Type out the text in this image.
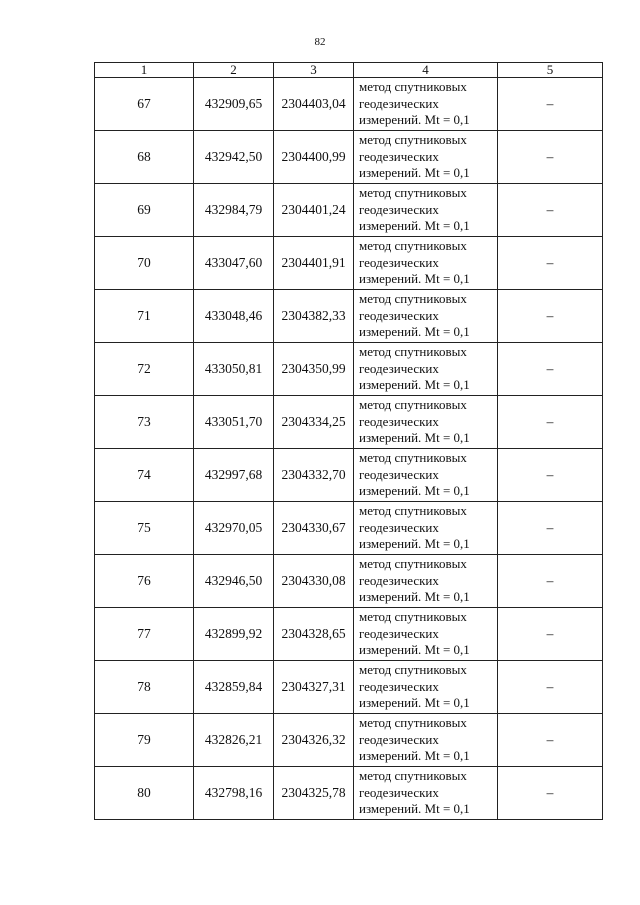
82
1	2	3	4	5
67	432909,65	2304403,04	метод спутниковых
геодезических
измерений. Mt = 0,1	–
68	432942,50	2304400,99	метод спутниковых
геодезических
измерений. Mt = 0,1	–
69	432984,79	2304401,24	метод спутниковых
геодезических
измерений. Mt = 0,1	–
70	433047,60	2304401,91	метод спутниковых
геодезических
измерений. Mt = 0,1	–
71	433048,46	2304382,33	метод спутниковых
геодезических
измерений. Mt = 0,1	–
72	433050,81	2304350,99	метод спутниковых
геодезических
измерений. Mt = 0,1	–
73	433051,70	2304334,25	метод спутниковых
геодезических
измерений. Mt = 0,1	–
74	432997,68	2304332,70	метод спутниковых
геодезических
измерений. Mt = 0,1	–
75	432970,05	2304330,67	метод спутниковых
геодезических
измерений. Mt = 0,1	–
76	432946,50	2304330,08	метод спутниковых
геодезических
измерений. Mt = 0,1	–
77	432899,92	2304328,65	метод спутниковых
геодезических
измерений. Mt = 0,1	–
78	432859,84	2304327,31	метод спутниковых
геодезических
измерений. Mt = 0,1	–
79	432826,21	2304326,32	метод спутниковых
геодезических
измерений. Mt = 0,1	–
80	432798,16	2304325,78	метод спутниковых
геодезических
измерений. Mt = 0,1	–
